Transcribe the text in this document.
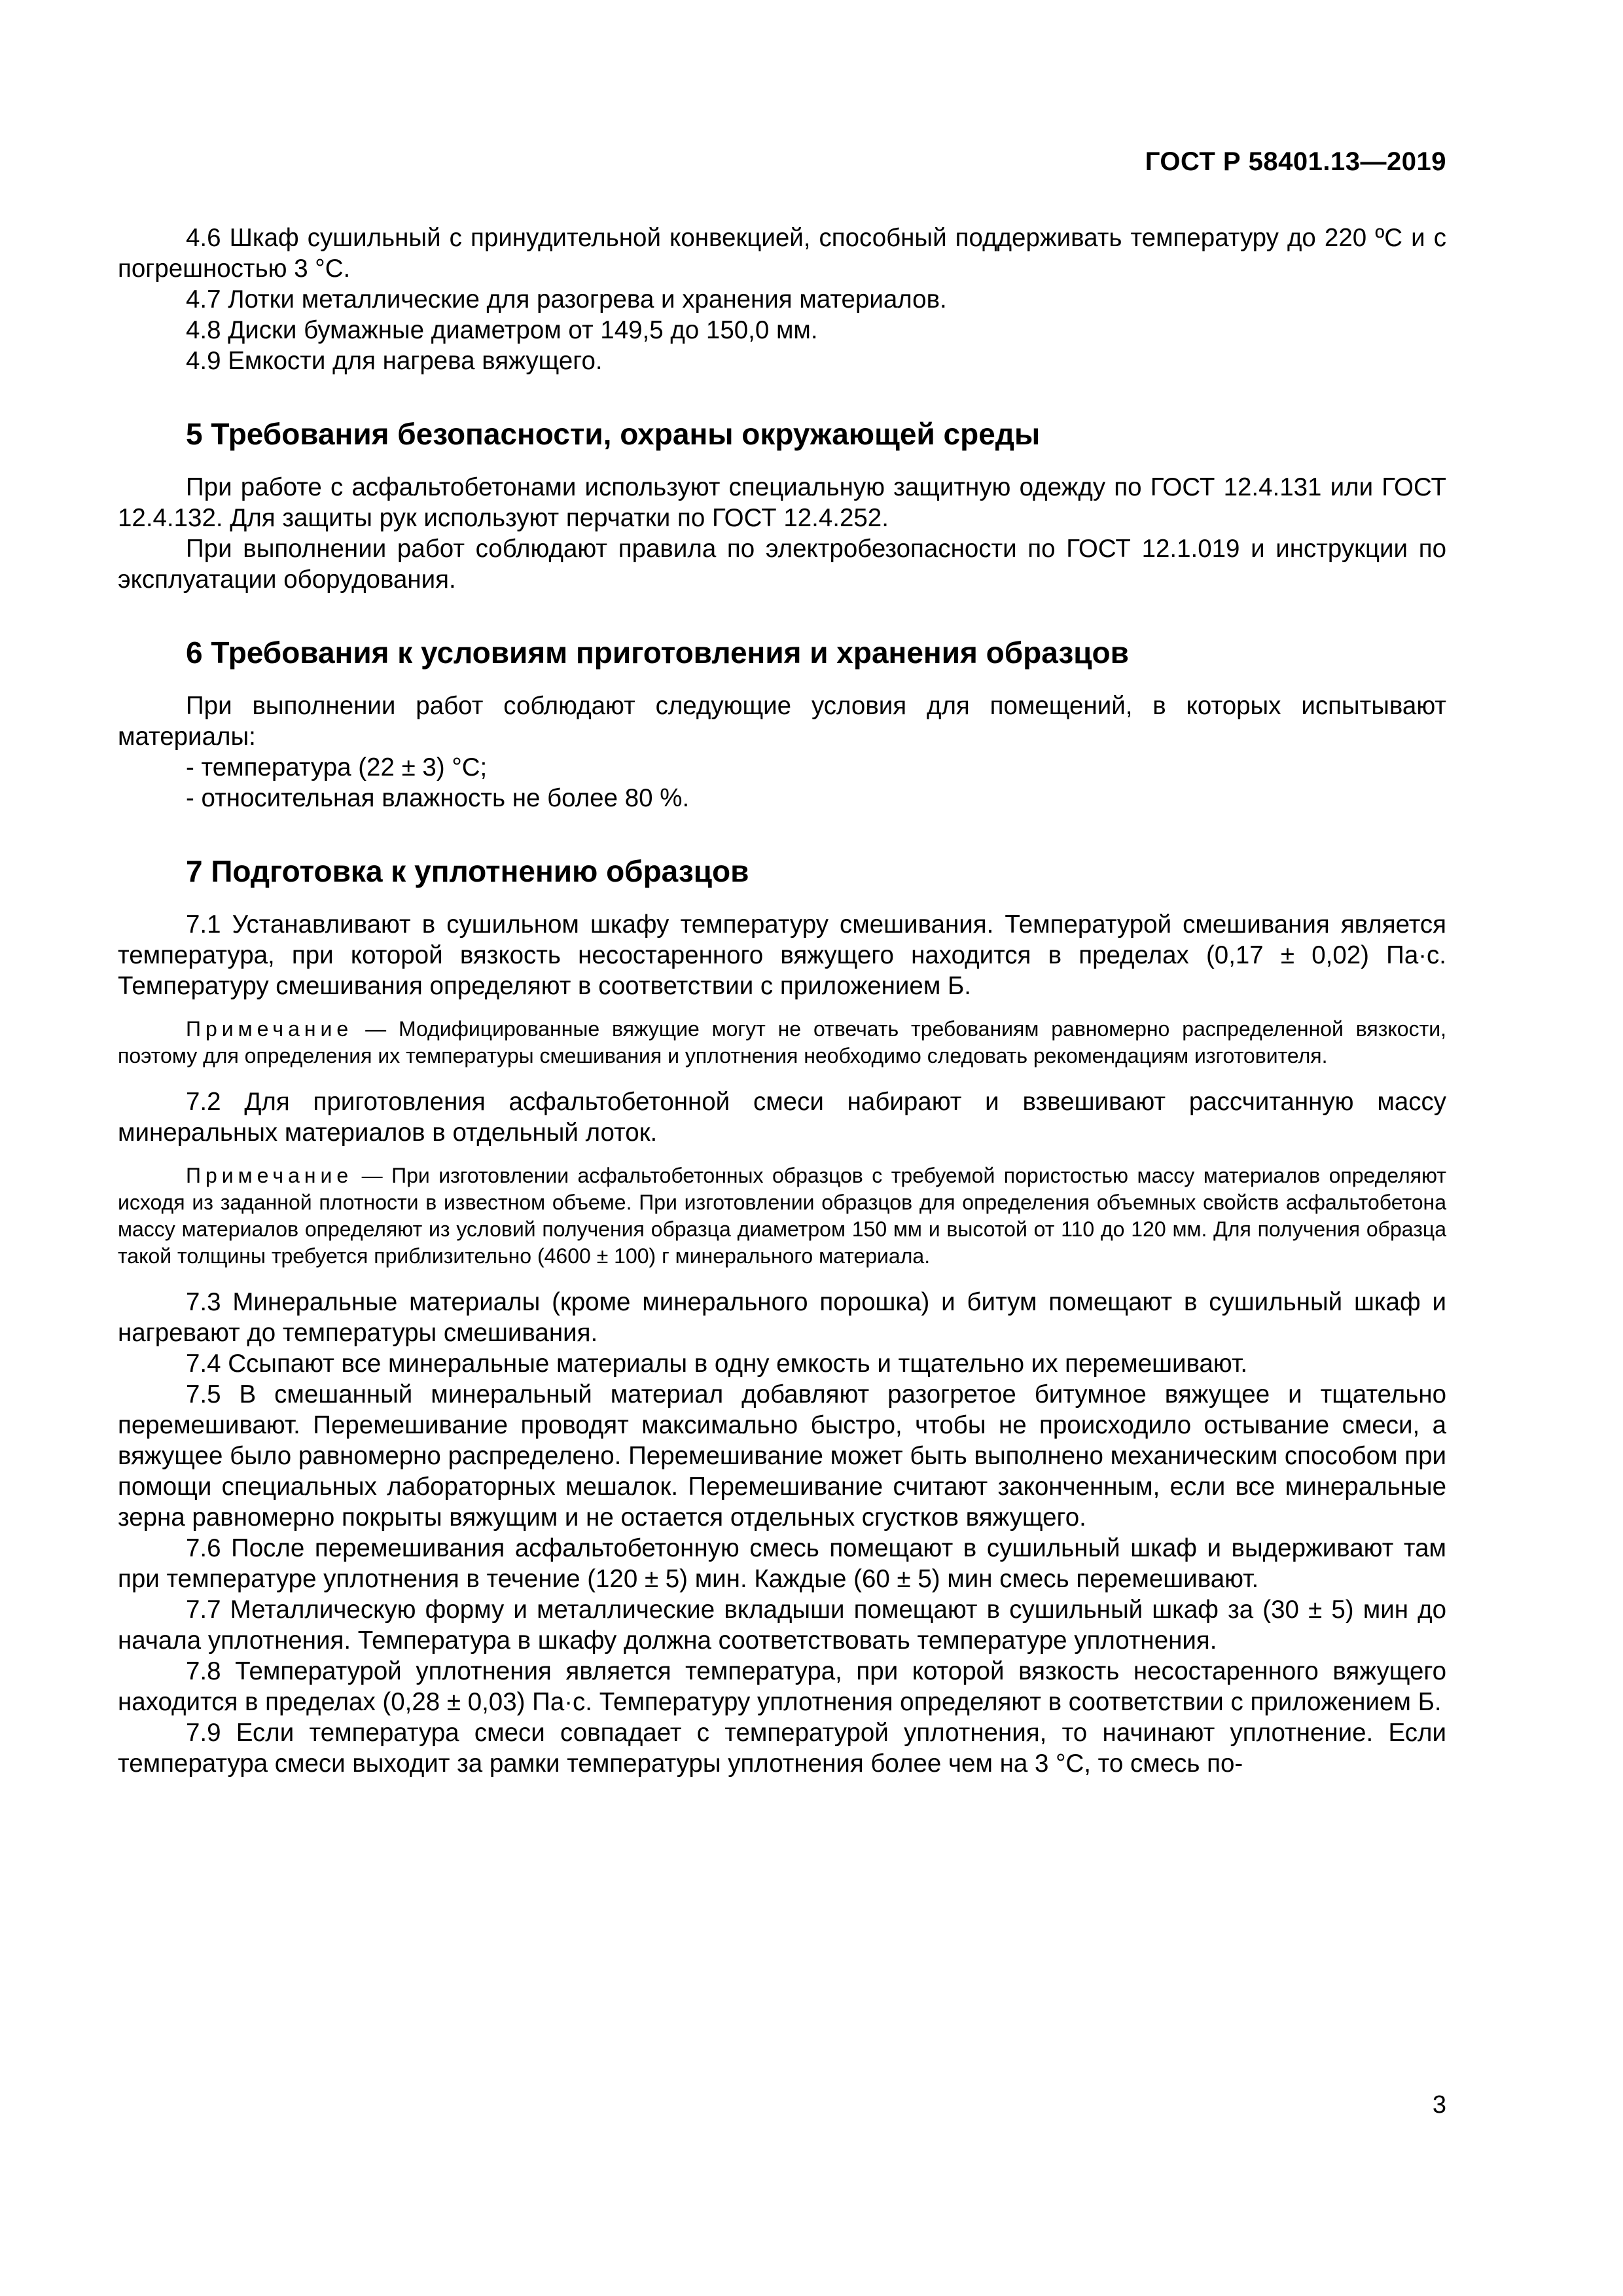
ГОСТ Р 58401.13—2019

4.6 Шкаф сушильный с принудительной конвекцией, способный поддерживать температуру до 220 ºС и с погрешностью 3 °С.

4.7 Лотки металлические для разогрева и хранения материалов.

4.8 Диски бумажные диаметром от 149,5 до 150,0 мм.

4.9 Емкости для нагрева вяжущего.

5 Требования безопасности, охраны окружающей среды

При работе с асфальтобетонами используют специальную защитную одежду по ГОСТ 12.4.131 или ГОСТ 12.4.132. Для защиты рук используют перчатки по ГОСТ 12.4.252.

При выполнении работ соблюдают правила по электробезопасности по ГОСТ 12.1.019 и инструкции по эксплуатации оборудования.

6 Требования к условиям приготовления и хранения образцов

При выполнении работ соблюдают следующие условия для помещений, в которых испытывают материалы:

- температура (22 ± 3) °С;

- относительная влажность не более 80 %.

7 Подготовка к уплотнению образцов

7.1 Устанавливают в сушильном шкафу температуру смешивания. Температурой смешивания является температура, при которой вязкость несостаренного вяжущего находится в пределах (0,17 ± 0,02) Па·с. Температуру смешивания определяют в соответствии с приложением Б.

Примечание — Модифицированные вяжущие могут не отвечать требованиям равномерно распределенной вязкости, поэтому для определения их температуры смешивания и уплотнения необходимо следовать рекомендациям изготовителя.

7.2 Для приготовления асфальтобетонной смеси набирают и взвешивают рассчитанную массу минеральных материалов в отдельный лоток.

Примечание — При изготовлении асфальтобетонных образцов с требуемой пористостью массу материалов определяют исходя из заданной плотности в известном объеме. При изготовлении образцов для определения объемных свойств асфальтобетона массу материалов определяют из условий получения образца диаметром 150 мм и высотой от 110 до 120 мм. Для получения образца такой толщины требуется приблизительно (4600 ± 100) г минерального материала.

7.3 Минеральные материалы (кроме минерального порошка) и битум помещают в сушильный шкаф и нагревают до температуры смешивания.

7.4 Ссыпают все минеральные материалы в одну емкость и тщательно их перемешивают.

7.5 В смешанный минеральный материал добавляют разогретое битумное вяжущее и тщательно перемешивают. Перемешивание проводят максимально быстро, чтобы не происходило остывание смеси, а вяжущее было равномерно распределено. Перемешивание может быть выполнено механическим способом при помощи специальных лабораторных мешалок. Перемешивание считают законченным, если все минеральные зерна равномерно покрыты вяжущим и не остается отдельных сгустков вяжущего.

7.6 После перемешивания асфальтобетонную смесь помещают в сушильный шкаф и выдерживают там при температуре уплотнения в течение (120 ± 5) мин. Каждые (60 ± 5) мин смесь перемешивают.

7.7 Металлическую форму и металлические вкладыши помещают в сушильный шкаф за (30 ± 5) мин до начала уплотнения. Температура в шкафу должна соответствовать температуре уплотнения.

7.8 Температурой уплотнения является температура, при которой вязкость несостаренного вяжущего находится в пределах (0,28 ± 0,03) Па·с. Температуру уплотнения определяют в соответствии с приложением Б.

7.9 Если температура смеси совпадает с температурой уплотнения, то начинают уплотнение. Если температура смеси выходит за рамки температуры уплотнения более чем на 3 °С, то смесь по-

3
